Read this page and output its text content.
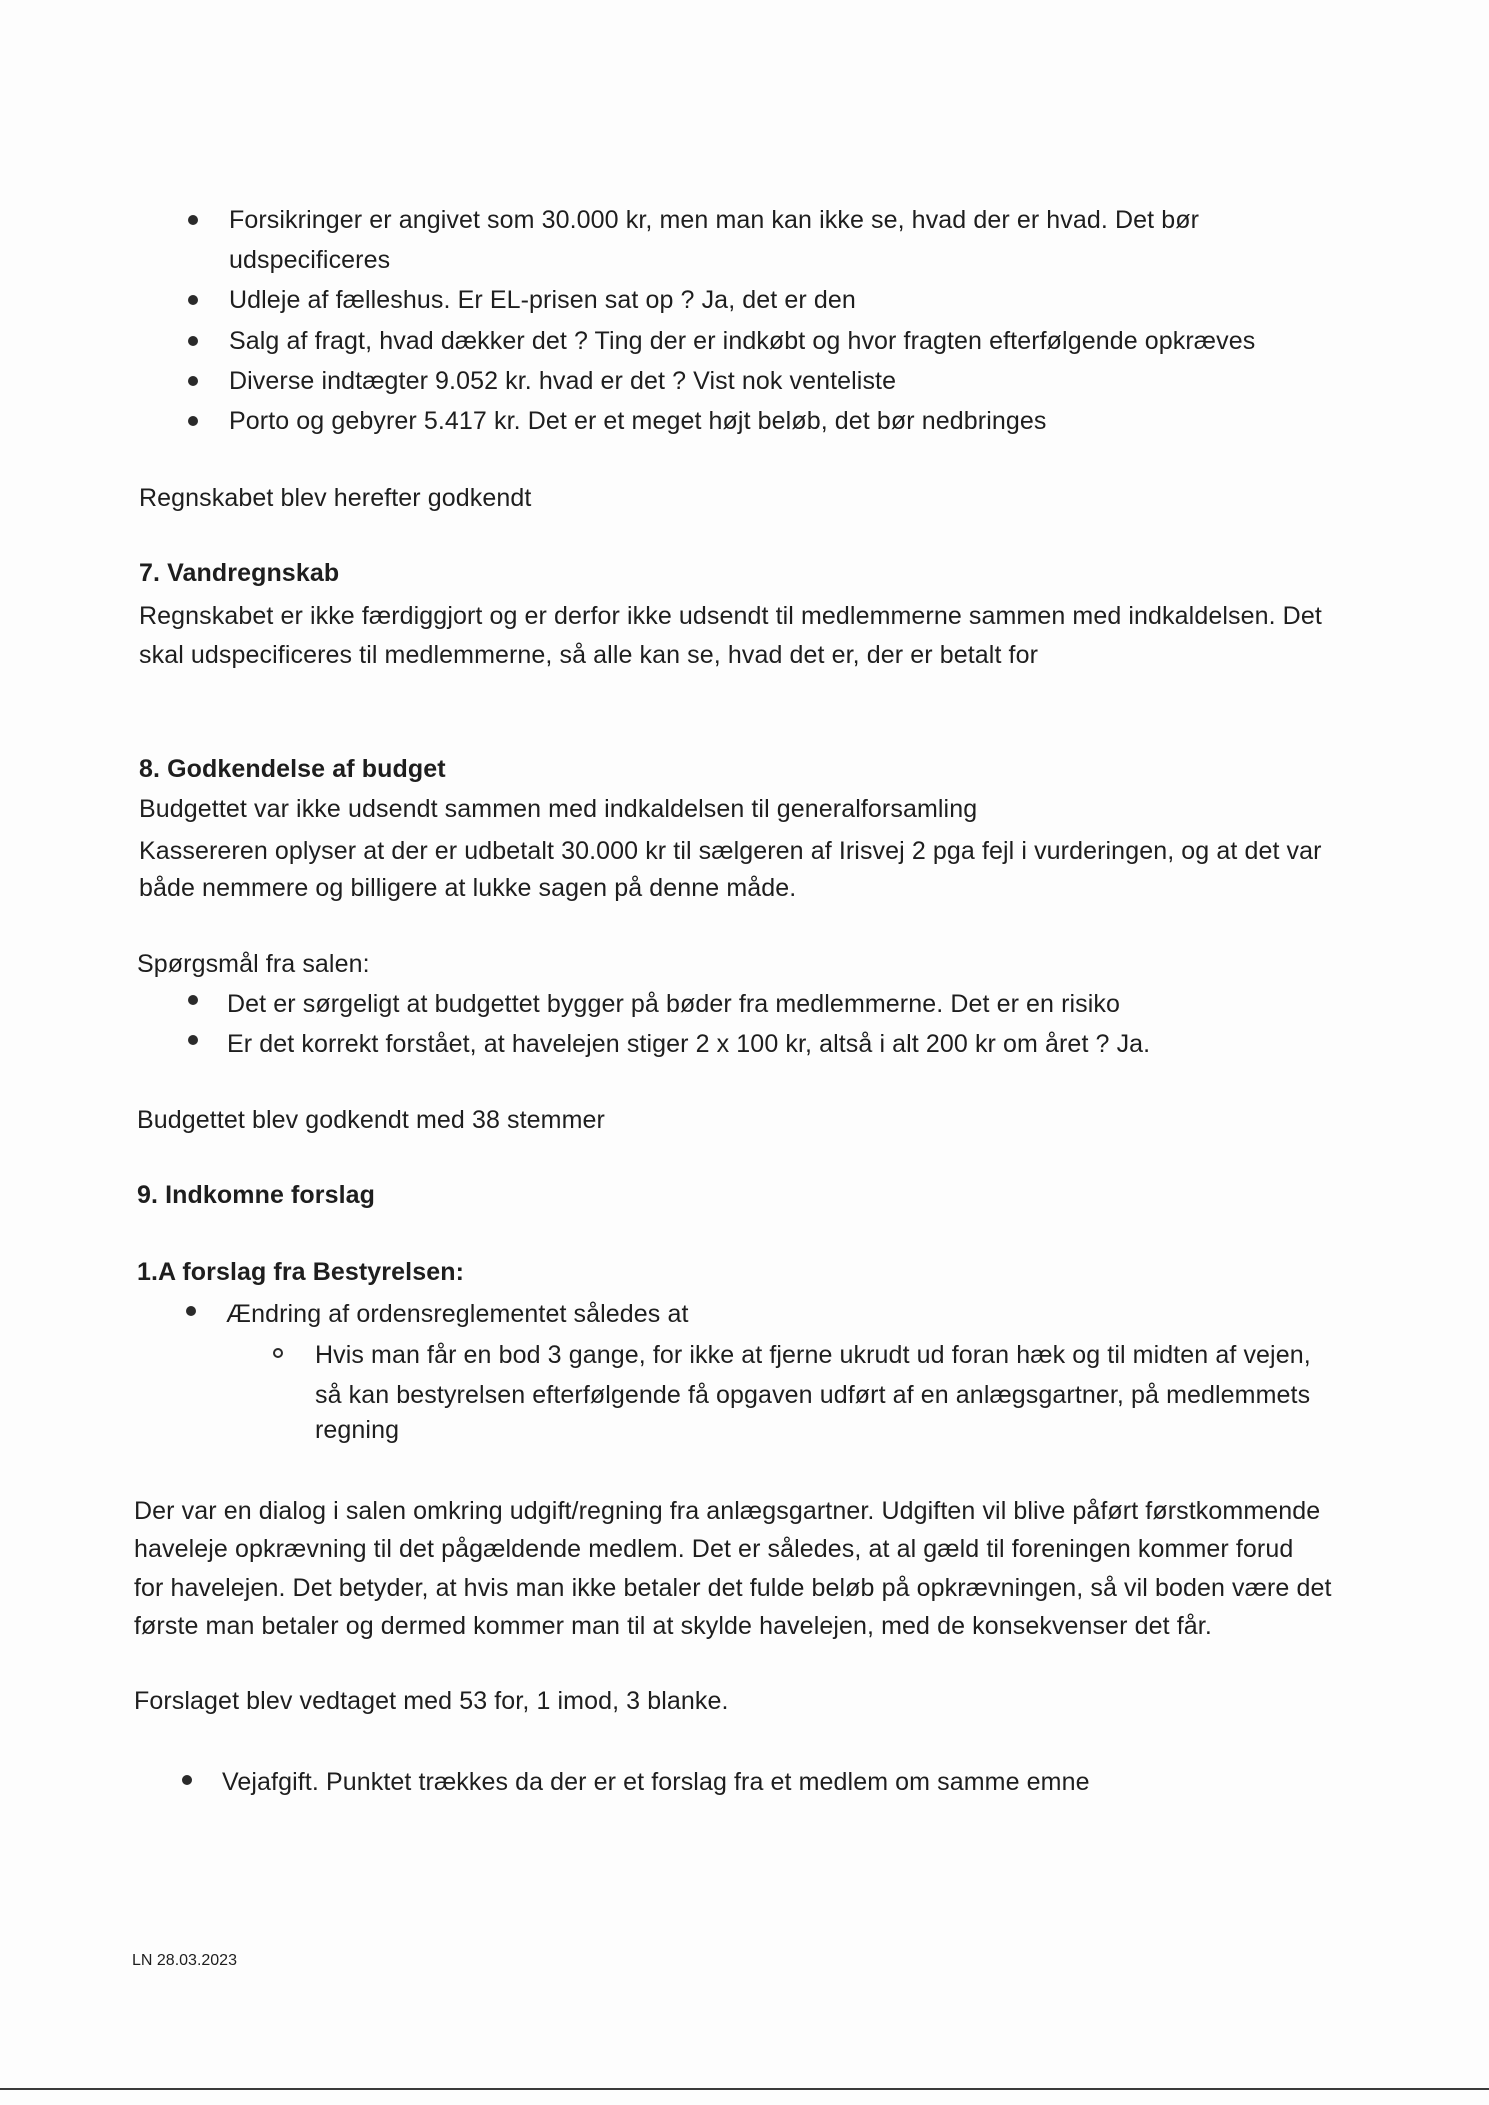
Forsikringer er angivet som 30.000 kr, men man kan ikke se, hvad der er hvad. Det bør
udspecificeres
Udleje af fælleshus. Er EL-prisen sat op ? Ja, det er den
Salg af fragt, hvad dækker det ? Ting der er indkøbt og hvor fragten efterfølgende opkræves
Diverse indtægter 9.052 kr. hvad er det ? Vist nok venteliste
Porto og gebyrer 5.417 kr. Det er et meget højt beløb, det bør nedbringes
Regnskabet blev herefter godkendt
7. Vandregnskab
Regnskabet er ikke færdiggjort og er derfor ikke udsendt til medlemmerne sammen med indkaldelsen. Det
skal udspecificeres til medlemmerne, så alle kan se, hvad det er, der er betalt for
8. Godkendelse af budget
Budgettet var ikke udsendt sammen med indkaldelsen til generalforsamling
Kassereren oplyser at der er udbetalt 30.000 kr til sælgeren af Irisvej 2 pga fejl i vurderingen, og at det var
både nemmere og billigere at lukke sagen på denne måde.
Spørgsmål fra salen:
Det er sørgeligt at budgettet bygger på bøder fra medlemmerne. Det er en risiko
Er det korrekt forstået, at havelejen stiger 2 x 100 kr, altså i alt 200 kr om året ? Ja.
Budgettet blev godkendt med 38 stemmer
9. Indkomne forslag
1.A forslag fra Bestyrelsen:
Ændring af ordensreglementet således at
Hvis man får en bod 3 gange, for ikke at fjerne ukrudt ud foran hæk og til midten af vejen,
så kan bestyrelsen efterfølgende få opgaven udført af en anlægsgartner, på medlemmets
regning
Der var en dialog i salen omkring udgift/regning fra anlægsgartner. Udgiften vil blive påført førstkommende
haveleje opkrævning til det pågældende medlem. Det er således, at al gæld til foreningen kommer forud
for havelejen. Det betyder, at hvis man ikke betaler det fulde beløb på opkrævningen, så vil boden være det
første man betaler og dermed kommer man til at skylde havelejen, med de konsekvenser det får.
Forslaget blev vedtaget med 53 for, 1 imod, 3 blanke.
Vejafgift. Punktet trækkes da der er et forslag fra et medlem om samme emne
LN 28.03.2023
